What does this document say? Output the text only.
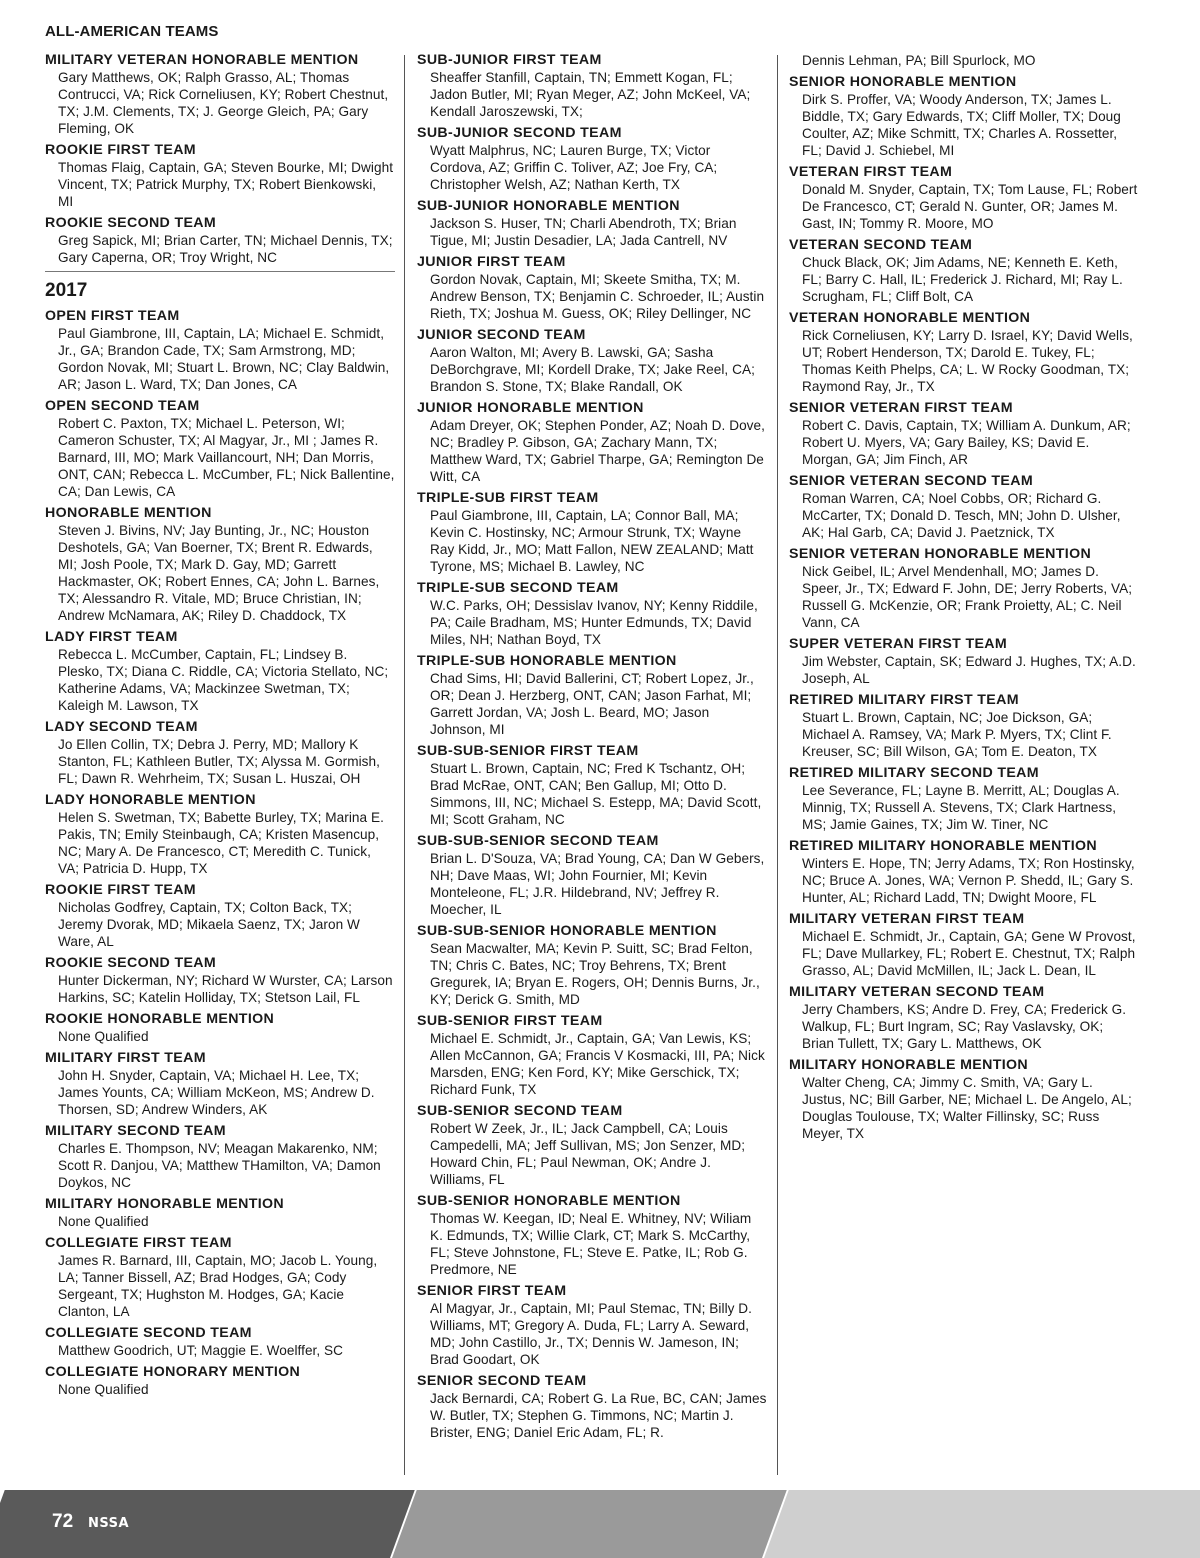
ALL-AMERICAN TEAMS
MILITARY VETERAN HONORABLE MENTION

Gary Matthews, OK; Ralph Grasso, AL; Thomas Contrucci, VA; Rick Corneliusen, KY; Robert Chestnut, TX; J.M. Clements, TX; J. George Gleich, PA; Gary Fleming, OK

ROOKIE FIRST TEAM

Thomas Flaig, Captain, GA; Steven Bourke, MI; Dwight Vincent, TX; Patrick Murphy, TX; Robert Bienkowski, MI

ROOKIE SECOND TEAM

Greg Sapick, MI; Brian Carter, TN; Michael Dennis, TX; Gary Caperna, OR; Troy Wright, NC

2017
OPEN FIRST TEAM

Paul Giambrone, III, Captain, LA; Michael E. Schmidt, Jr., GA; Brandon Cade, TX; Sam Armstrong, MD; Gordon Novak, MI; Stuart L. Brown, NC; Clay Baldwin, AR; Jason L. Ward, TX; Dan Jones, CA

OPEN SECOND TEAM

Robert C. Paxton, TX; Michael L. Peterson, WI; Cameron Schuster, TX; Al Magyar, Jr., MI ; James R. Barnard, III, MO; Mark Vaillancourt, NH; Dan Morris, ONT, CAN; Rebecca L. McCumber, FL; Nick Ballentine, CA; Dan Lewis, CA

HONORABLE MENTION

Steven J. Bivins, NV; Jay Bunting, Jr., NC; Houston Deshotels, GA; Van Boerner, TX; Brent R. Edwards, MI; Josh Poole, TX; Mark D. Gay, MD; Garrett Hackmaster, OK; Robert Ennes, CA; John L. Barnes, TX; Alessandro R. Vitale, MD; Bruce Christian, IN; Andrew McNamara, AK; Riley D. Chaddock, TX

LADY FIRST TEAM

Rebecca L. McCumber, Captain, FL; Lindsey B. Plesko, TX; Diana C. Riddle, CA; Victoria Stellato, NC; Katherine Adams, VA; Mackinzee Swetman, TX; Kaleigh M. Lawson, TX

LADY SECOND TEAM

Jo Ellen Collin, TX; Debra J. Perry, MD; Mallory K Stanton, FL; Kathleen Butler, TX; Alyssa M. Gormish, FL; Dawn R. Wehrheim, TX; Susan L. Huszai, OH

LADY HONORABLE MENTION

Helen S. Swetman, TX; Babette Burley, TX; Marina E. Pakis, TN; Emily Steinbaugh, CA; Kristen Masencup, NC; Mary A. De Francesco, CT; Meredith C. Tunick, VA; Patricia D. Hupp, TX

ROOKIE FIRST TEAM

Nicholas Godfrey, Captain, TX; Colton Back, TX; Jeremy Dvorak, MD; Mikaela Saenz, TX; Jaron W Ware, AL

ROOKIE SECOND TEAM

Hunter Dickerman, NY; Richard W Wurster, CA; Larson Harkins, SC; Katelin Holliday, TX; Stetson Lail, FL

ROOKIE HONORABLE MENTION

None Qualified

MILITARY FIRST TEAM

John H. Snyder, Captain, VA; Michael H. Lee, TX; James Younts, CA; William McKeon, MS; Andrew D. Thorsen, SD; Andrew Winders, AK

MILITARY SECOND TEAM

Charles E. Thompson, NV; Meagan Makarenko, NM; Scott R. Danjou, VA; Matthew THamilton, VA; Damon Doykos, NC

MILITARY HONORABLE MENTION

None Qualified

COLLEGIATE FIRST TEAM

James R. Barnard, III, Captain, MO; Jacob L. Young, LA; Tanner Bissell, AZ; Brad Hodges, GA; Cody Sergeant, TX; Hughston M. Hodges, GA; Kacie Clanton, LA

COLLEGIATE SECOND TEAM

Matthew Goodrich, UT; Maggie E. Woelffer, SC

COLLEGIATE HONORARY MENTION

None Qualified

SUB-JUNIOR FIRST TEAM

Sheaffer Stanfill, Captain, TN; Emmett Kogan, FL; Jadon Butler, MI; Ryan Meger, AZ; John McKeel, VA; Kendall Jaroszewski, TX;

SUB-JUNIOR SECOND TEAM

Wyatt Malphrus, NC; Lauren Burge, TX; Victor Cordova, AZ; Griffin C. Toliver, AZ; Joe Fry, CA; Christopher Welsh, AZ; Nathan Kerth, TX

SUB-JUNIOR HONORABLE MENTION

Jackson S. Huser, TN; Charli Abendroth, TX; Brian Tigue, MI; Justin Desadier, LA; Jada Cantrell, NV

JUNIOR FIRST TEAM

Gordon Novak, Captain, MI; Skeete Smitha, TX; M. Andrew Benson, TX; Benjamin C. Schroeder, IL; Austin Rieth, TX; Joshua M. Guess, OK; Riley Dellinger, NC

JUNIOR SECOND TEAM

Aaron Walton, MI; Avery B. Lawski, GA; Sasha DeBorchgrave, MI; Kordell Drake, TX; Jake Reel, CA; Brandon S. Stone, TX; Blake Randall, OK

JUNIOR HONORABLE MENTION

Adam Dreyer, OK; Stephen Ponder, AZ; Noah D. Dove, NC; Bradley P. Gibson, GA; Zachary Mann, TX; Matthew Ward, TX; Gabriel Tharpe, GA; Remington De Witt, CA

TRIPLE-SUB FIRST TEAM

Paul Giambrone, III, Captain, LA; Connor Ball, MA; Kevin C. Hostinsky, NC; Armour Strunk, TX; Wayne Ray Kidd, Jr., MO; Matt Fallon, NEW ZEALAND; Matt Tyrone, MS; Michael B. Lawley, NC

TRIPLE-SUB SECOND TEAM

W.C. Parks, OH; Dessislav Ivanov, NY; Kenny Riddile, PA; Caile Bradham, MS; Hunter Edmunds, TX; David Miles, NH; Nathan Boyd, TX

TRIPLE-SUB HONORABLE MENTION

Chad Sims, HI; David Ballerini, CT; Robert Lopez, Jr., OR; Dean J. Herzberg, ONT, CAN; Jason Farhat, MI; Garrett Jordan, VA; Josh L. Beard, MO; Jason Johnson, MI

SUB-SUB-SENIOR FIRST TEAM

Stuart L. Brown, Captain, NC; Fred K Tschantz, OH; Brad McRae, ONT, CAN; Ben Gallup, MI; Otto D. Simmons, III, NC; Michael S. Estepp, MA; David Scott, MI; Scott Graham, NC

SUB-SUB-SENIOR SECOND TEAM

Brian L. D'Souza, VA; Brad Young, CA; Dan W Gebers, NH; Dave Maas, WI; John Fournier, MI; Kevin Monteleone, FL; J.R. Hildebrand, NV; Jeffrey R. Moecher, IL

SUB-SUB-SENIOR HONORABLE MENTION

Sean Macwalter, MA; Kevin P. Suitt, SC; Brad Felton, TN; Chris C. Bates, NC; Troy Behrens, TX; Brent Gregurek, IA; Bryan E. Rogers, OH; Dennis Burns, Jr., KY; Derick G. Smith, MD

SUB-SENIOR FIRST TEAM

Michael E. Schmidt, Jr., Captain, GA; Van Lewis, KS; Allen McCannon, GA; Francis V Kosmacki, III, PA; Nick Marsden, ENG; Ken Ford, KY; Mike Gerschick, TX; Richard Funk, TX

SUB-SENIOR SECOND TEAM

Robert W Zeek, Jr., IL; Jack Campbell, CA; Louis Campedelli, MA; Jeff Sullivan, MS; Jon Senzer, MD; Howard Chin, FL; Paul Newman, OK; Andre J. Williams, FL

SUB-SENIOR HONORABLE MENTION

Thomas W. Keegan, ID; Neal E. Whitney, NV; Wiliam K. Edmunds, TX; Willie Clark, CT; Mark S. McCarthy, FL; Steve Johnstone, FL; Steve E. Patke, IL; Rob G. Predmore, NE

SENIOR FIRST TEAM

Al Magyar, Jr., Captain, MI; Paul Stemac, TN; Billy D. Williams, MT; Gregory A. Duda, FL; Larry A. Seward, MD; John Castillo, Jr., TX; Dennis W. Jameson, IN; Brad Goodart, OK

SENIOR SECOND TEAM

Jack Bernardi, CA; Robert G. La Rue, BC, CAN; James W. Butler, TX; Stephen G. Timmons, NC; Martin J. Brister, ENG; Daniel Eric Adam, FL; R.

Dennis Lehman, PA; Bill Spurlock, MO

SENIOR HONORABLE MENTION

Dirk S. Proffer, VA; Woody Anderson, TX; James L. Biddle, TX; Gary Edwards, TX; Cliff Moller, TX; Doug Coulter, AZ; Mike Schmitt, TX; Charles A. Rossetter, FL; David J. Schiebel, MI

VETERAN FIRST TEAM

Donald M. Snyder, Captain, TX; Tom Lause, FL; Robert De Francesco, CT; Gerald N. Gunter, OR; James M. Gast, IN; Tommy R. Moore, MO

VETERAN SECOND TEAM

Chuck Black, OK; Jim Adams, NE; Kenneth E. Keth, FL; Barry C. Hall, IL; Frederick J. Richard, MI; Ray L. Scrugham, FL; Cliff Bolt, CA

VETERAN HONORABLE MENTION

Rick Corneliusen, KY; Larry D. Israel, KY; David Wells, UT; Robert Henderson, TX; Darold E. Tukey, FL; Thomas Keith Phelps, CA; L. W Rocky Goodman, TX; Raymond Ray, Jr., TX

SENIOR VETERAN FIRST TEAM

Robert C. Davis, Captain, TX; William A. Dunkum, AR; Robert U. Myers, VA; Gary Bailey, KS; David E. Morgan, GA; Jim Finch, AR

SENIOR VETERAN SECOND TEAM

Roman Warren, CA; Noel Cobbs, OR; Richard G. McCarter, TX; Donald D. Tesch, MN; John D. Ulsher, AK; Hal Garb, CA; David J. Paetznick, TX

SENIOR VETERAN HONORABLE MENTION

Nick Geibel, IL; Arvel Mendenhall, MO; James D. Speer, Jr., TX; Edward F. John, DE; Jerry Roberts, VA; Russell G. McKenzie, OR; Frank Proietty, AL; C. Neil Vann, CA

SUPER VETERAN FIRST TEAM

Jim Webster, Captain, SK; Edward J. Hughes, TX; A.D. Joseph, AL

RETIRED MILITARY FIRST TEAM

Stuart L. Brown, Captain, NC; Joe Dickson, GA; Michael A. Ramsey, VA; Mark P. Myers, TX; Clint F. Kreuser, SC; Bill Wilson, GA; Tom E. Deaton, TX

RETIRED MILITARY SECOND TEAM

Lee Severance, FL; Layne B. Merritt, AL; Douglas A. Minnig, TX; Russell A. Stevens, TX; Clark Hartness, MS; Jamie Gaines, TX; Jim W. Tiner, NC

RETIRED MILITARY HONORABLE MENTION

Winters E. Hope, TN; Jerry Adams, TX; Ron Hostinsky, NC; Bruce A. Jones, WA; Vernon P. Shedd, IL; Gary S. Hunter, AL; Richard Ladd, TN; Dwight Moore, FL

MILITARY VETERAN FIRST TEAM

Michael E. Schmidt, Jr., Captain, GA; Gene W Provost, FL; Dave Mullarkey, FL; Robert E. Chestnut, TX; Ralph Grasso, AL; David McMillen, IL; Jack L. Dean, IL

MILITARY VETERAN SECOND TEAM

Jerry Chambers, KS; Andre D. Frey, CA; Frederick G. Walkup, FL; Burt Ingram, SC; Ray Vaslavsky, OK; Brian Tullett, TX; Gary L. Matthews, OK

MILITARY HONORABLE MENTION

Walter Cheng, CA; Jimmy C. Smith, VA; Gary L. Justus, NC; Bill Garber, NE; Michael L. De Angelo, AL; Douglas Toulouse, TX; Walter Fillinsky, SC; Russ Meyer, TX

72 NSSA
